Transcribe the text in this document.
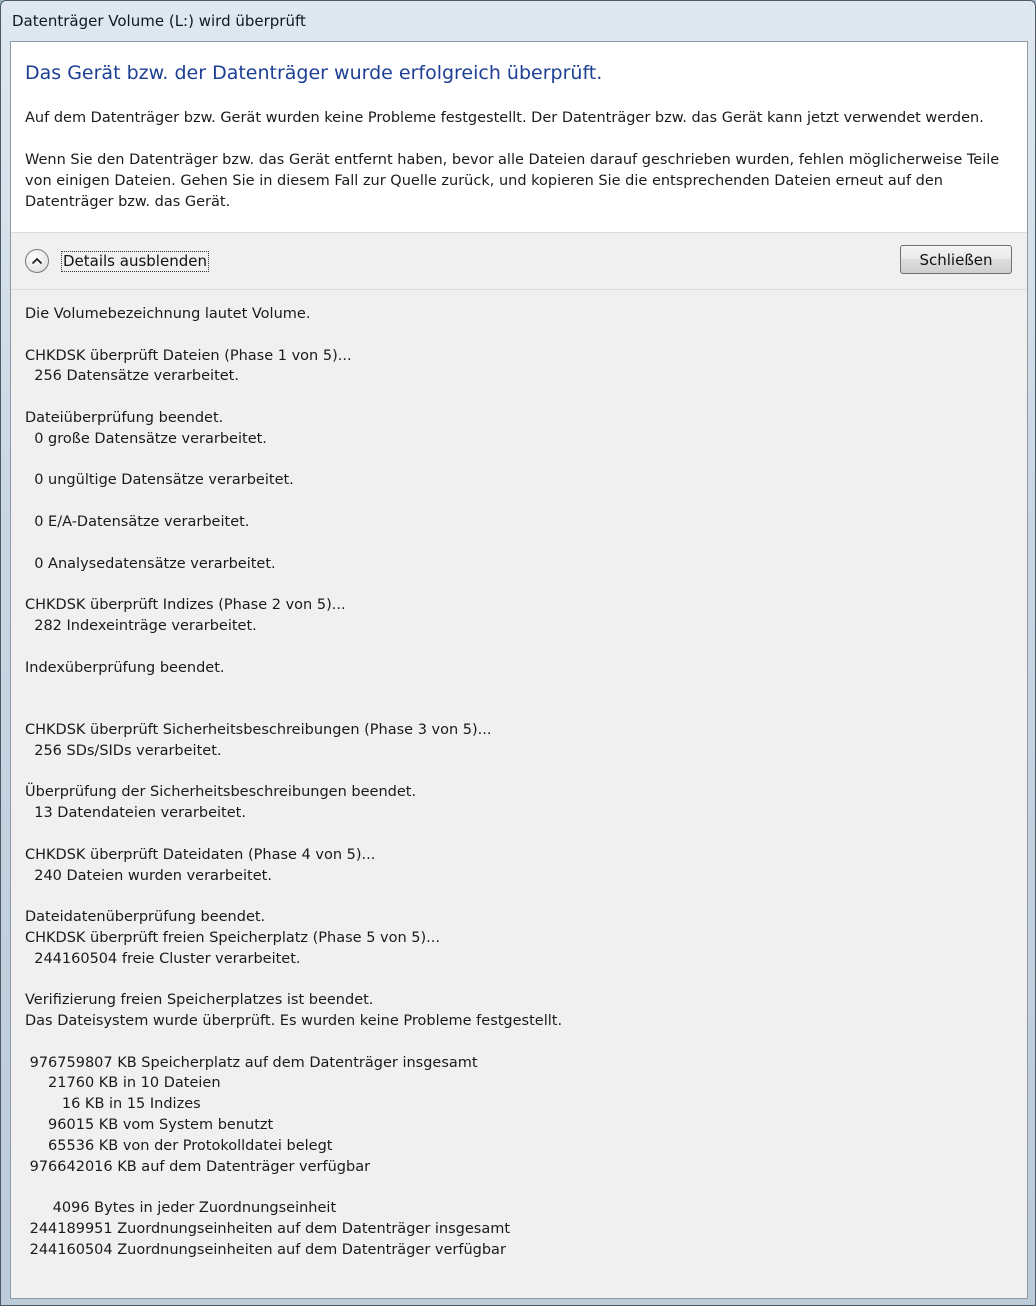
Datenträger Volume (L:) wird überprüft
Das Gerät bzw. der Datenträger wurde erfolgreich überprüft.
Auf dem Datenträger bzw. Gerät wurden keine Probleme festgestellt. Der Datenträger bzw. das Gerät kann jetzt verwendet werden.
Wenn Sie den Datenträger bzw. das Gerät entfernt haben, bevor alle Dateien darauf geschrieben wurden, fehlen möglicherweise Teile von einigen Dateien. Gehen Sie in diesem Fall zur Quelle zurück, und kopieren Sie die entsprechenden Dateien erneut auf den Datenträger bzw. das Gerät.
Details ausblenden	Schließen
Die Volumebezeichnung lautet Volume.
CHKDSK überprüft Dateien (Phase 1 von 5)...
256 Datensätze verarbeitet.
Dateiüberprüfung beendet.
0 große Datensätze verarbeitet.
0 ungültige Datensätze verarbeitet.
0 E/A-Datensätze verarbeitet.
0 Analysedatensätze verarbeitet.
CHKDSK überprüft Indizes (Phase 2 von 5)...
282 Indexeinträge verarbeitet.
Indexüberprüfung beendet.
CHKDSK überprüft Sicherheitsbeschreibungen (Phase 3 von 5)...
256 SDs/SIDs verarbeitet.
Überprüfung der Sicherheitsbeschreibungen beendet.
13 Datendateien verarbeitet.
CHKDSK überprüft Dateidaten (Phase 4 von 5)...
240 Dateien wurden verarbeitet.
Dateidatenüberprüfung beendet.
CHKDSK überprüft freien Speicherplatz (Phase 5 von 5)...
244160504 freie Cluster verarbeitet.
Verifizierung freien Speicherplatzes ist beendet.
Das Dateisystem wurde überprüft. Es wurden keine Probleme festgestellt.
976759807 KB Speicherplatz auf dem Datenträger insgesamt
21760 KB in 10 Dateien
16 KB in 15 Indizes
96015 KB vom System benutzt
65536 KB von der Protokolldatei belegt
976642016 KB auf dem Datenträger verfügbar
4096 Bytes in jeder Zuordnungseinheit
244189951 Zuordnungseinheiten auf dem Datenträger insgesamt
244160504 Zuordnungseinheiten auf dem Datenträger verfügbar
